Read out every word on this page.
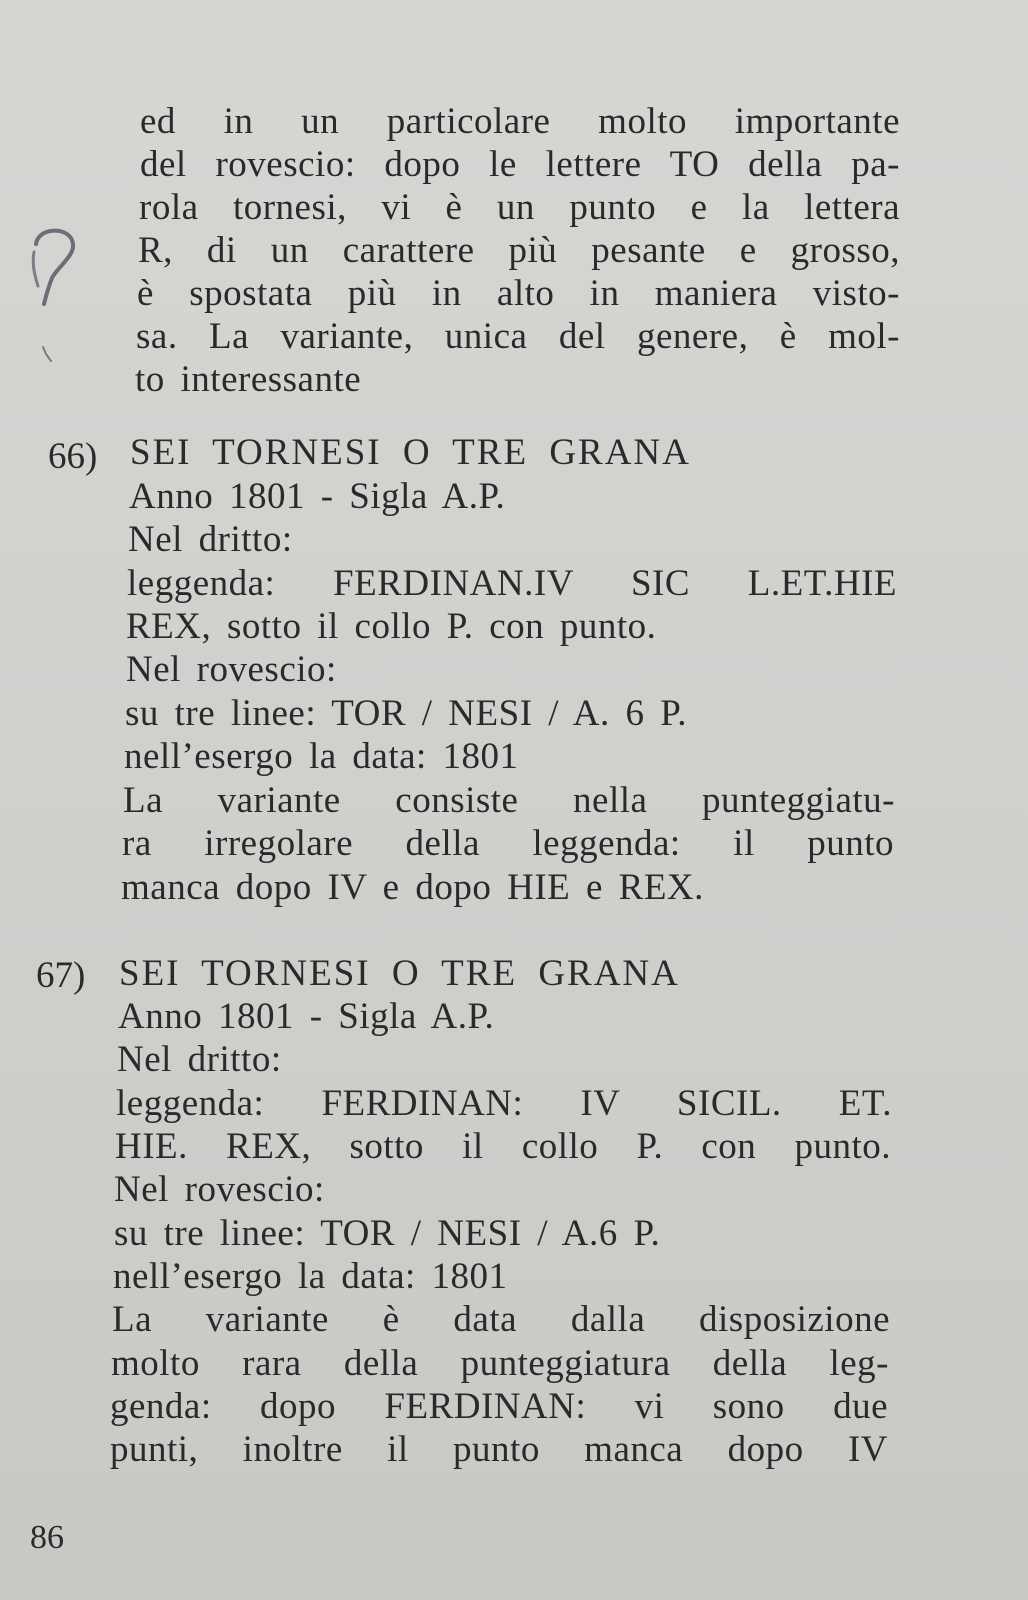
ed in un particolare molto importante
del rovescio: dopo le lettere TO della pa-
rola tornesi, vi è un punto e la lettera
R, di un carattere più pesante e grosso,
è spostata più in alto in maniera visto-
sa. La variante, unica del genere, è mol-
to interessante
66) SEI TORNESI O TRE GRANA
Anno 1801 - Sigla A.P.
Nel dritto:
leggenda: FERDINAN.IV SIC L.ET.HIE
REX, sotto il collo P. con punto.
Nel rovescio:
su tre linee: TOR / NESI / A. 6 P.
nell’esergo la data: 1801
La variante consiste nella punteggiatu-
ra irregolare della leggenda: il punto
manca dopo IV e dopo HIE e REX.
67) SEI TORNESI O TRE GRANA
Anno 1801 - Sigla A.P.
Nel dritto:
leggenda: FERDINAN: IV SICIL. ET.
HIE. REX, sotto il collo P. con punto.
Nel rovescio:
su tre linee: TOR / NESI / A.6 P.
nell’esergo la data: 1801
La variante è data dalla disposizione
molto rara della punteggiatura della leg-
genda: dopo FERDINAN: vi sono due
punti, inoltre il punto manca dopo IV
86
